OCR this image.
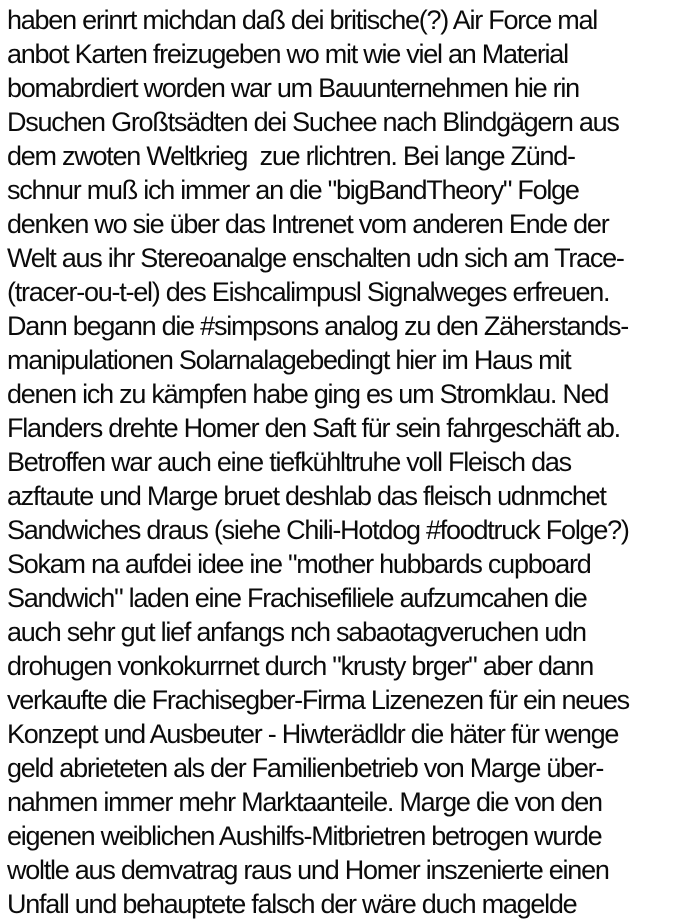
haben erinrt michdan daß dei britische(?) Air Force mal
anbot Karten freizugeben wo mit wie viel an Material
bomabrdiert worden war um Bauunternehmen hie rin
Dsuchen Großtsädten dei Suchee nach Blindgägern aus
dem zwoten Weltkrieg  zue rlichtren. Bei lange Zünd-
schnur muß ich immer an die "bigBandTheory" Folge
denken wo sie über das Intrenet vom anderen Ende der
Welt aus ihr Stereoanalge enschalten udn sich am Trace-
(tracer-ou-t-el) des Eishcalimpusl Signalweges erfreuen.
Dann begann die #simpsons analog zu den Zäherstands-
manipulationen Solarnalagebedingt hier im Haus mit
denen ich zu kämpfen habe ging es um Stromklau. Ned
Flanders drehte Homer den Saft für sein fahrgeschäft ab.
Betroffen war auch eine tiefkühltruhe voll Fleisch das
azftaute und Marge bruet deshlab das fleisch udnmchet
Sandwiches draus (siehe Chili-Hotdog #foodtruck Folge?)
Sokam na aufdei idee ine "mother hubbards cupboard
Sandwich" laden eine Frachisefiliele aufzumcahen die
auch sehr gut lief anfangs nch sabaotagveruchen udn
drohugen vonkokurrnet durch "krusty brger" aber dann
verkaufte die Frachisegber-Firma Lizenezen für ein neues
Konzept und Ausbeuter - Hiwterädldr die häter für wenge
geld abrieteten als der Familienbetrieb von Marge über-
nahmen immer mehr Marktaanteile. Marge die von den
eigenen weiblichen Aushilfs-Mitbrietren betrogen wurde
woltle aus demvatrag raus und Homer inszenierte einen
Unfall und behauptete falsch der wäre duch magelde
